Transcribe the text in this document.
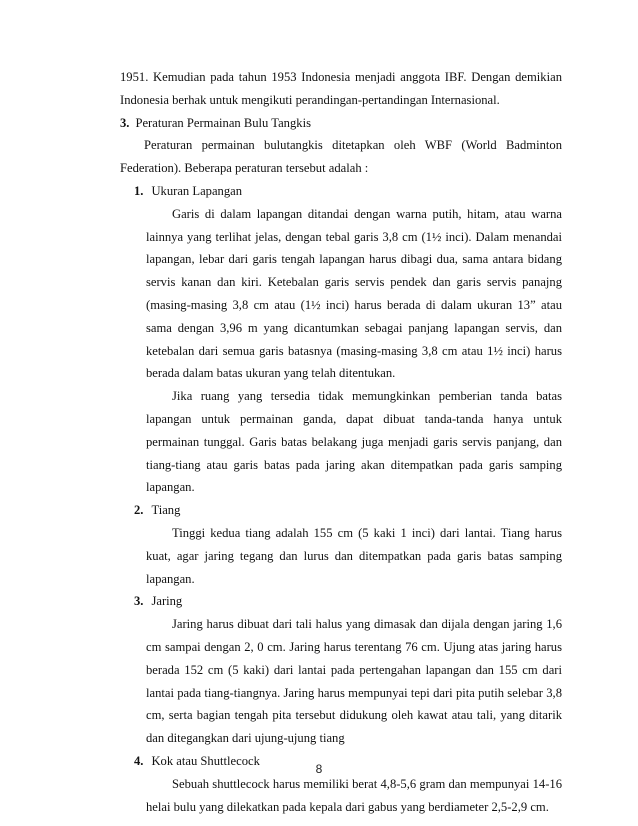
1951. Kemudian pada tahun 1953 Indonesia menjadi anggota IBF. Dengan demikian Indonesia berhak untuk mengikuti perandingan-pertandingan Internasional.

3. Peraturan Permainan Bulu Tangkis

Peraturan permainan bulutangkis ditetapkan oleh WBF (World Badminton Federation). Beberapa peraturan tersebut adalah :

1. Ukuran Lapangan

Garis di dalam lapangan ditandai dengan warna putih, hitam, atau warna lainnya yang terlihat jelas, dengan tebal garis 3,8 cm (1½ inci). Dalam menandai lapangan, lebar dari garis tengah lapangan harus dibagi dua, sama antara bidang servis kanan dan kiri. Ketebalan garis servis pendek dan garis servis panajng (masing-masing 3,8 cm atau (1½ inci) harus berada di dalam ukuran 13” atau sama dengan 3,96 m yang dicantumkan sebagai panjang lapangan servis, dan ketebalan dari semua garis batasnya (masing-masing 3,8 cm atau 1½ inci) harus berada dalam batas ukuran yang telah ditentukan.

Jika ruang yang tersedia tidak memungkinkan pemberian tanda batas lapangan untuk permainan ganda, dapat dibuat tanda-tanda hanya untuk permainan tunggal. Garis batas belakang juga menjadi garis servis panjang, dan tiang-tiang atau garis batas pada jaring akan ditempatkan pada garis samping lapangan.

2. Tiang

Tinggi kedua tiang adalah 155 cm (5 kaki 1 inci) dari lantai. Tiang harus kuat, agar jaring tegang dan lurus dan ditempatkan pada garis batas samping lapangan.

3. Jaring

Jaring harus dibuat dari tali halus yang dimasak dan dijala dengan jaring 1,6 cm sampai dengan 2, 0 cm. Jaring harus terentang 76 cm. Ujung atas jaring harus berada 152 cm (5 kaki) dari lantai pada pertengahan lapangan dan 155 cm dari lantai pada tiang-tiangnya. Jaring harus mempunyai tepi dari pita putih selebar 3,8 cm, serta bagian tengah pita tersebut didukung oleh kawat atau tali, yang ditarik dan ditegangkan dari ujung-ujung tiang

4. Kok atau Shuttlecock

Sebuah shuttlecock harus memiliki berat 4,8-5,6 gram dan mempunyai 14-16 helai bulu yang dilekatkan pada kepala dari gabus yang berdiameter 2,5-2,9 cm.

8
